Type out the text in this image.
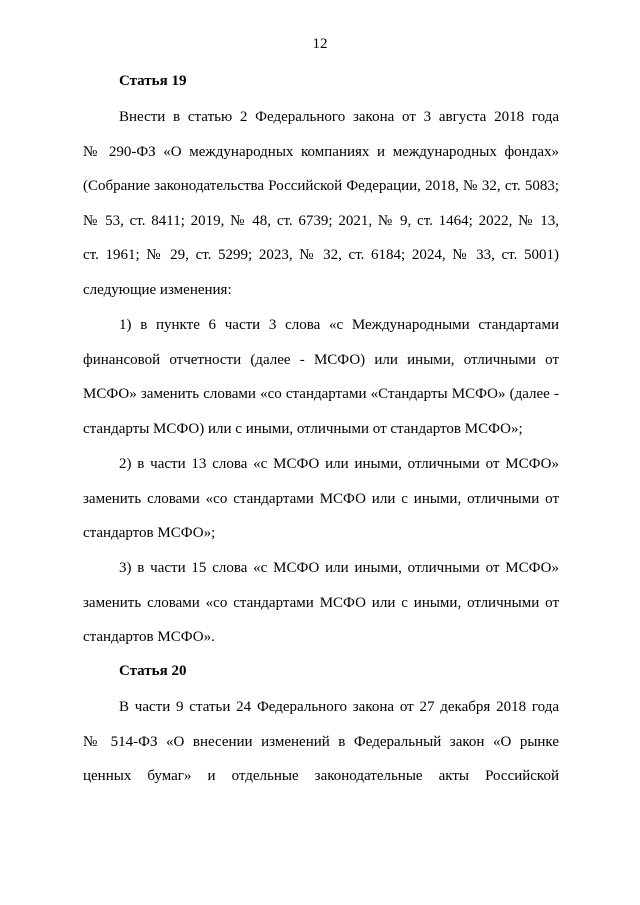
12
Статья 19
Внести в статью 2 Федерального закона от 3 августа 2018 года
№ 290-ФЗ «О международных компаниях и международных фондах»
(Собрание законодательства Российской Федерации, 2018, № 32, ст. 5083;
№ 53, ст. 8411; 2019, № 48, ст. 6739; 2021, № 9, ст. 1464; 2022, № 13,
ст. 1961; № 29, ст. 5299; 2023, № 32, ст. 6184; 2024, № 33, ст. 5001)
следующие изменения:
1) в пункте 6 части 3 слова «с Международными стандартами
финансовой отчетности (далее - МСФО) или иными, отличными от
МСФО» заменить словами «со стандартами «Стандарты МСФО» (далее -
стандарты МСФО) или с иными, отличными от стандартов МСФО»;
2) в части 13 слова «с МСФО или иными, отличными от МСФО»
заменить словами «со стандартами МСФО или с иными, отличными от
стандартов МСФО»;
3) в части 15 слова «с МСФО или иными, отличными от МСФО»
заменить словами «со стандартами МСФО или с иными, отличными от
стандартов МСФО».
Статья 20
В части 9 статьи 24 Федерального закона от 27 декабря 2018 года
№ 514-ФЗ «О внесении изменений в Федеральный закон «О рынке
ценных бумаг» и отдельные законодательные акты Российской
